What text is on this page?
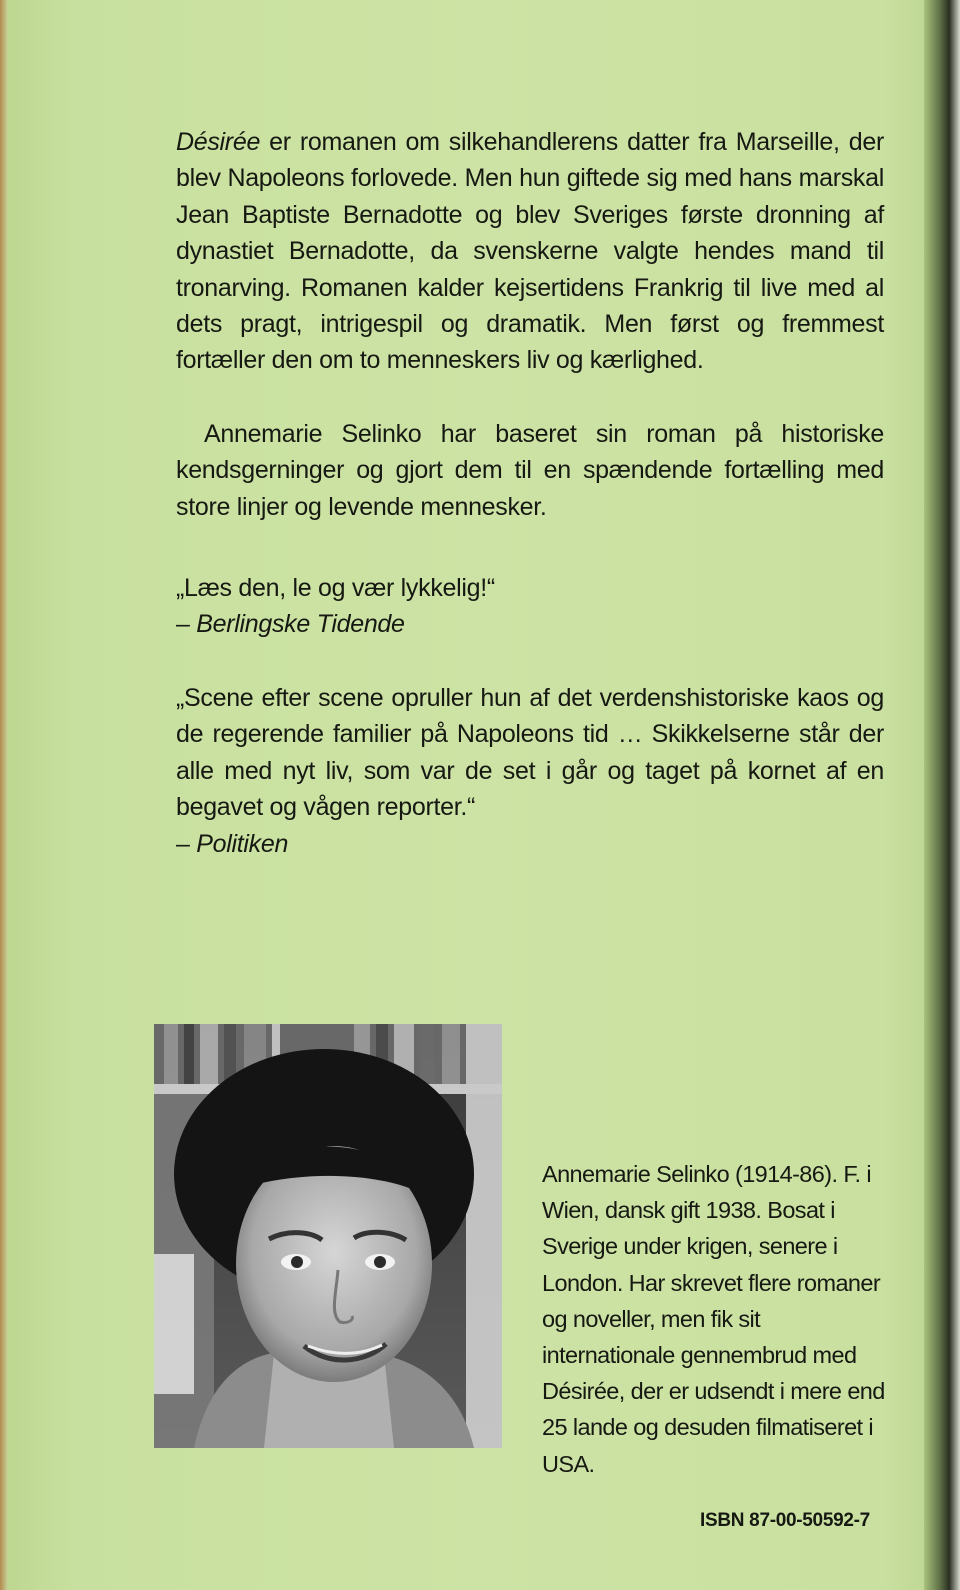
Désirée er romanen om silkehandlerens datter fra Marseille, der blev Napoleons forlovede. Men hun giftede sig med hans marskal Jean Baptiste Bernadotte og blev Sveriges første dronning af dynastiet Bernadotte, da svenskerne valgte hendes mand til tronarving. Romanen kalder kejsertidens Frankrig til live med al dets pragt, intrigespil og dramatik. Men først og fremmest fortæller den om to menneskers liv og kærlighed.

Annemarie Selinko har baseret sin roman på historiske kendsgerninger og gjort dem til en spændende fortælling med store linjer og levende mennesker.

„Læs den, le og vær lykkelig!“

– Berlingske Tidende

„Scene efter scene opruller hun af det verdenshistoriske kaos og de regerende familier på Napoleons tid … Skikkelserne står der alle med nyt liv, som var de set i går og taget på kornet af en begavet og vågen reporter.“

– Politiken

Annemarie Selinko (1914-86). F. i Wien, dansk gift 1938. Bosat i Sverige under krigen, senere i London. Har skrevet flere romaner og noveller, men fik sit internationale gennembrud med Désirée, der er udsendt i mere end 25 lande og desuden filmatiseret i USA.

ISBN 87-00-50592-7
